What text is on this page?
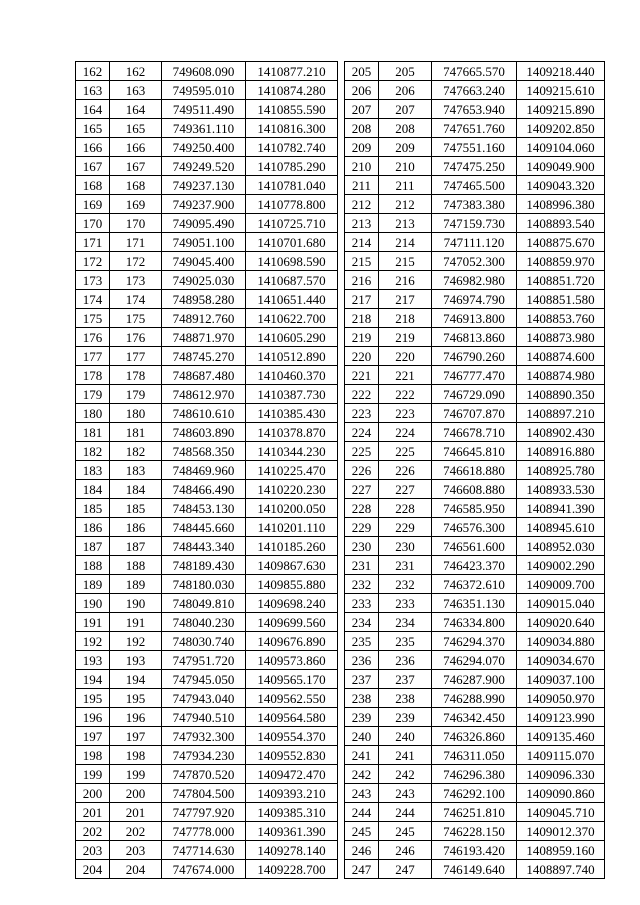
162	162	749608.090	1410877.210
163	163	749595.010	1410874.280
164	164	749511.490	1410855.590
165	165	749361.110	1410816.300
166	166	749250.400	1410782.740
167	167	749249.520	1410785.290
168	168	749237.130	1410781.040
169	169	749237.900	1410778.800
170	170	749095.490	1410725.710
171	171	749051.100	1410701.680
172	172	749045.400	1410698.590
173	173	749025.030	1410687.570
174	174	748958.280	1410651.440
175	175	748912.760	1410622.700
176	176	748871.970	1410605.290
177	177	748745.270	1410512.890
178	178	748687.480	1410460.370
179	179	748612.970	1410387.730
180	180	748610.610	1410385.430
181	181	748603.890	1410378.870
182	182	748568.350	1410344.230
183	183	748469.960	1410225.470
184	184	748466.490	1410220.230
185	185	748453.130	1410200.050
186	186	748445.660	1410201.110
187	187	748443.340	1410185.260
188	188	748189.430	1409867.630
189	189	748180.030	1409855.880
190	190	748049.810	1409698.240
191	191	748040.230	1409699.560
192	192	748030.740	1409676.890
193	193	747951.720	1409573.860
194	194	747945.050	1409565.170
195	195	747943.040	1409562.550
196	196	747940.510	1409564.580
197	197	747932.300	1409554.370
198	198	747934.230	1409552.830
199	199	747870.520	1409472.470
200	200	747804.500	1409393.210
201	201	747797.920	1409385.310
202	202	747778.000	1409361.390
203	203	747714.630	1409278.140
204	204	747674.000	1409228.700
205	205	747665.570	1409218.440
206	206	747663.240	1409215.610
207	207	747653.940	1409215.890
208	208	747651.760	1409202.850
209	209	747551.160	1409104.060
210	210	747475.250	1409049.900
211	211	747465.500	1409043.320
212	212	747383.380	1408996.380
213	213	747159.730	1408893.540
214	214	747111.120	1408875.670
215	215	747052.300	1408859.970
216	216	746982.980	1408851.720
217	217	746974.790	1408851.580
218	218	746913.800	1408853.760
219	219	746813.860	1408873.980
220	220	746790.260	1408874.600
221	221	746777.470	1408874.980
222	222	746729.090	1408890.350
223	223	746707.870	1408897.210
224	224	746678.710	1408902.430
225	225	746645.810	1408916.880
226	226	746618.880	1408925.780
227	227	746608.880	1408933.530
228	228	746585.950	1408941.390
229	229	746576.300	1408945.610
230	230	746561.600	1408952.030
231	231	746423.370	1409002.290
232	232	746372.610	1409009.700
233	233	746351.130	1409015.040
234	234	746334.800	1409020.640
235	235	746294.370	1409034.880
236	236	746294.070	1409034.670
237	237	746287.900	1409037.100
238	238	746288.990	1409050.970
239	239	746342.450	1409123.990
240	240	746326.860	1409135.460
241	241	746311.050	1409115.070
242	242	746296.380	1409096.330
243	243	746292.100	1409090.860
244	244	746251.810	1409045.710
245	245	746228.150	1409012.370
246	246	746193.420	1408959.160
247	247	746149.640	1408897.740
